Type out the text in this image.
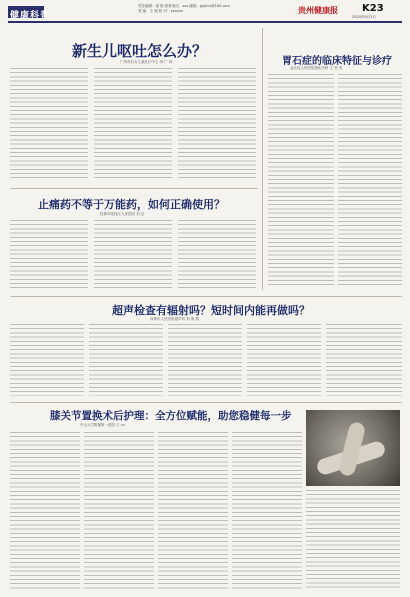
健康科普
责任编辑：梁 艳 联系电话：xxx 邮箱：gyjkcs@163.com
美 编：王 迪 校 对：xxxxxx	贵州健康报 K23
2024年9月3日
新生儿呕吐怎么办？
广州市妇女儿童医疗中心 李 广 帅	胃石症的临床特征与诊疗
金沙县人民医院消化内科 王 美 荣
止痛药不等于万能药，如何正确使用？
桂林市临桂区人民医院 刘 芸
超声检查有辐射吗？短时间内能再做吗？
深圳市人民医院超声科 刘 海 燕
膝关节置换术后护理：全方位赋能，助您稳健每一步
中山大学附属第一医院 王 xx
